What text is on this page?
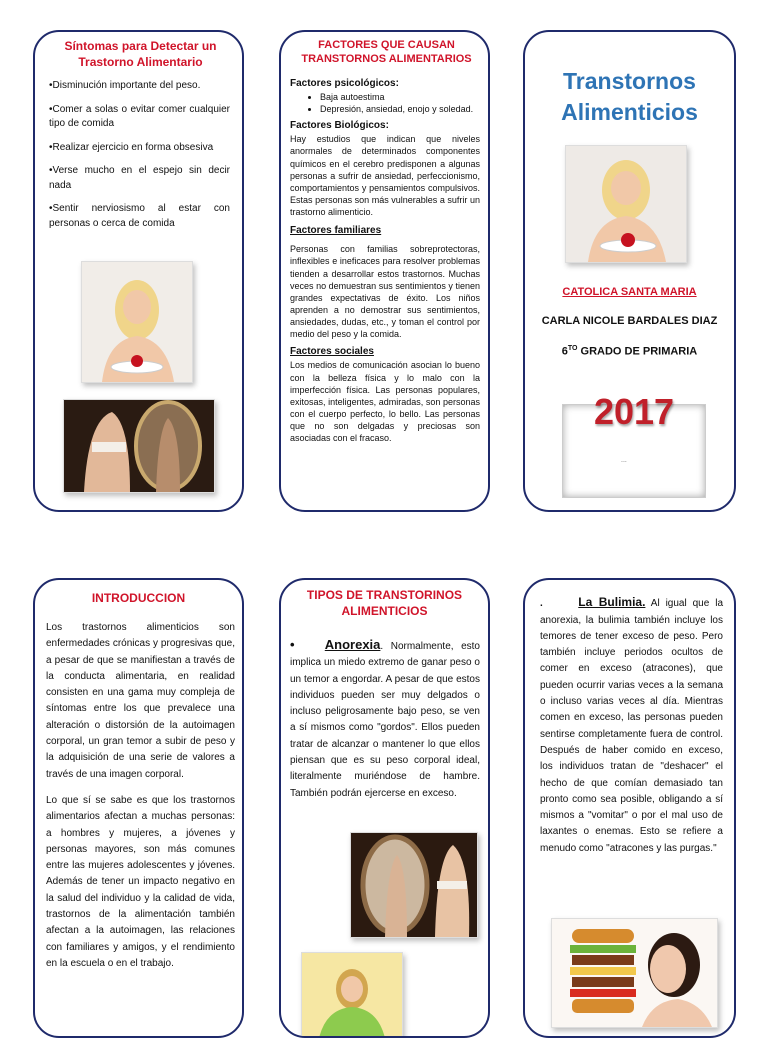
Síntomas para Detectar un Trastorno Alimentario

•Disminución importante del peso.

•Comer a solas o evitar comer cualquier tipo de comida

•Realizar ejercicio en forma obsesiva

•Verse mucho en el espejo sin decir nada

•Sentir nerviosismo al estar con personas o cerca de comida

FACTORES QUE CAUSAN TRANSTORNOS ALIMENTARIOS

Factores psicológicos:

• Baja autoestima
• Depresión, ansiedad, enojo y soledad.

Factores Biológicos:

Hay estudios que indican que niveles anormales de determinados componentes químicos en el cerebro predisponen a algunas personas a sufrir de ansiedad, perfeccionismo, comportamientos y pensamientos compulsivos. Estas personas son más vulnerables a sufrir un trastorno alimenticio.

Factores familiares

Personas con familias sobreprotectoras, inflexibles e ineficaces para resolver problemas tienden a desarrollar estos trastornos. Muchas veces no demuestran sus sentimientos y tienen grandes expectativas de éxito. Los niños aprenden a no demostrar sus sentimientos, ansiedades, dudas, etc., y toman el control por medio del peso y la comida.

Factores sociales

Los medios de comunicación asocian lo bueno con la belleza física y lo malo con la imperfección física. Las personas populares, exitosas, inteligentes, admiradas, son personas con el cuerpo perfecto, lo bello. Las personas que no son delgadas y preciosas son asociadas con el fracaso.

Transtornos
Alimenticios
CATOLICA SANTA MARIA
CARLA NICOLE BARDALES DIAZ
$6^{TO}$ GRADO DE PRIMARIA
2017
...
INTRODUCCION

Los trastornos alimenticios son enfermedades crónicas y progresivas que, a pesar de que se manifiestan a través de la conducta alimentaria, en realidad consisten en una gama muy compleja de síntomas entre los que prevalece una alteración o distorsión de la autoimagen corporal, un gran temor a subir de peso y la adquisición de una serie de valores a través de una imagen corporal.

Lo que sí se sabe es que los trastornos alimentarios afectan a muchas personas: a hombres y mujeres, a jóvenes y personas mayores, son más comunes entre las mujeres adolescentes y jóvenes. Además de tener un impacto negativo en la salud del individuo y la calidad de vida, trastornos de la alimentación también afectan a la autoimagen, las relaciones con familiares y amigos, y el rendimiento en la escuela o en el trabajo.

TIPOS DE TRANSTORINOS ALIMENTICIOS

• Anorexia. Normalmente, esto implica un miedo extremo de ganar peso o un temor a engordar. A pesar de que estos individuos pueden ser muy delgados o incluso peligrosamente bajo peso, se ven a sí mismos como "gordos". Ellos pueden tratar de alcanzar o mantener lo que ellos piensan que es su peso corporal ideal, literalmente muriéndose de hambre. También podrán ejercerse en exceso.

.	La Bulimia. Al igual que la anorexia, la bulimia también incluye los temores de tener exceso de peso. Pero también incluye periodos ocultos de comer en exceso (atracones), que pueden ocurrir varias veces a la semana o incluso varias veces al día. Mientras comen en exceso, las personas pueden sentirse completamente fuera de control. Después de haber comido en exceso, los individuos tratan de "deshacer" el hecho de que comían demasiado tan pronto como sea posible, obligando a sí mismos a "vomitar" o por el mal uso de laxantes o enemas. Esto se refiere a menudo como "atracones y las purgas."
